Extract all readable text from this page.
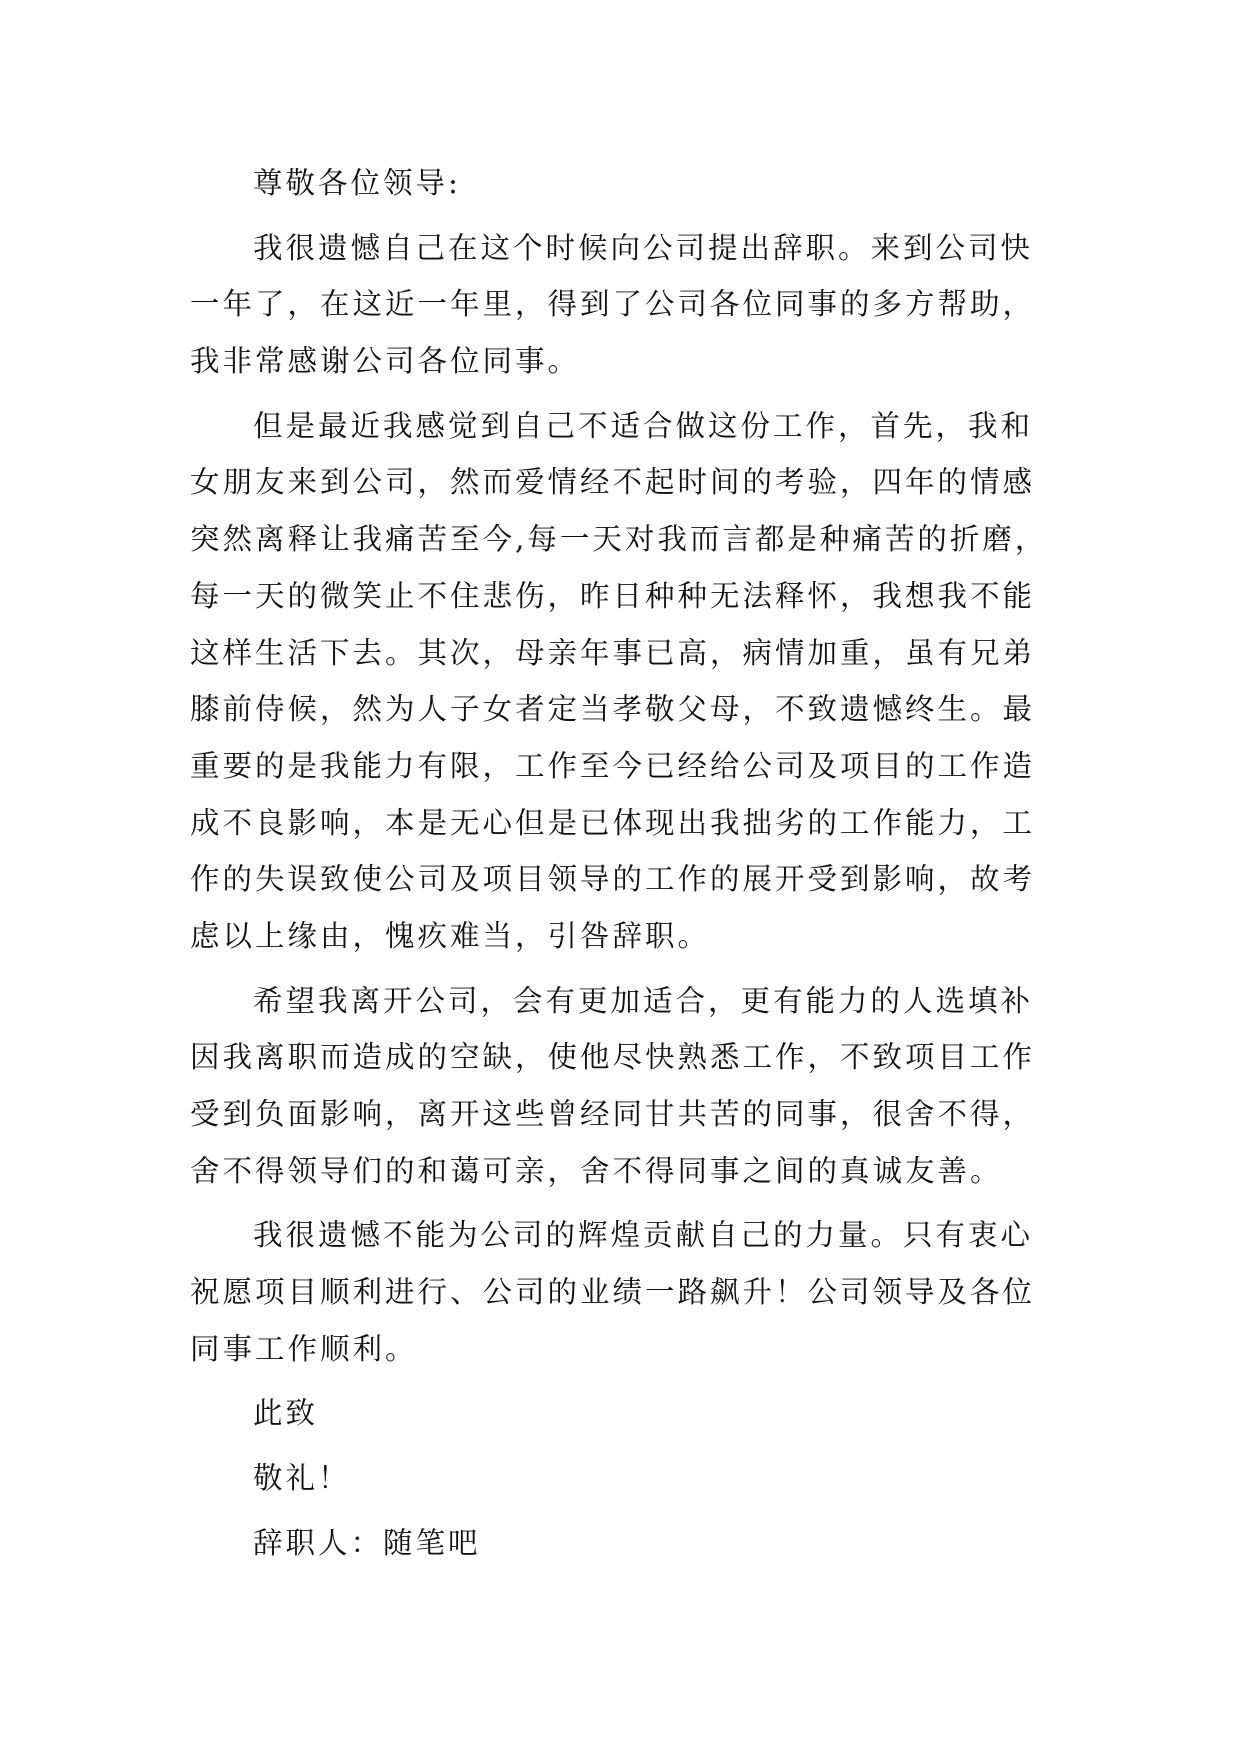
尊敬各位领导:
我很遗憾自己在这个时候向公司提出辞职。来到公司快
一年了，在这近一年里，得到了公司各位同事的多方帮助，
我非常感谢公司各位同事。
但是最近我感觉到自己不适合做这份工作，首先，我和
女朋友来到公司，然而爱情经不起时间的考验，四年的情感
突然离释让我痛苦至今,每一天对我而言都是种痛苦的折磨，
每一天的微笑止不住悲伤，昨日种种无法释怀，我想我不能
这样生活下去。其次，母亲年事已高，病情加重，虽有兄弟
膝前侍候，然为人子女者定当孝敬父母，不致遗憾终生。最
重要的是我能力有限，工作至今已经给公司及项目的工作造
成不良影响，本是无心但是已体现出我拙劣的工作能力，工
作的失误致使公司及项目领导的工作的展开受到影响，故考
虑以上缘由，愧疚难当，引咎辞职。
希望我离开公司，会有更加适合，更有能力的人选填补
因我离职而造成的空缺，使他尽快熟悉工作，不致项目工作
受到负面影响，离开这些曾经同甘共苦的同事，很舍不得，
舍不得领导们的和蔼可亲，舍不得同事之间的真诚友善。
我很遗憾不能为公司的辉煌贡献自己的力量。只有衷心
祝愿项目顺利进行、公司的业绩一路飙升！公司领导及各位
同事工作顺利。
此致
敬礼！
辞职人：随笔吧
